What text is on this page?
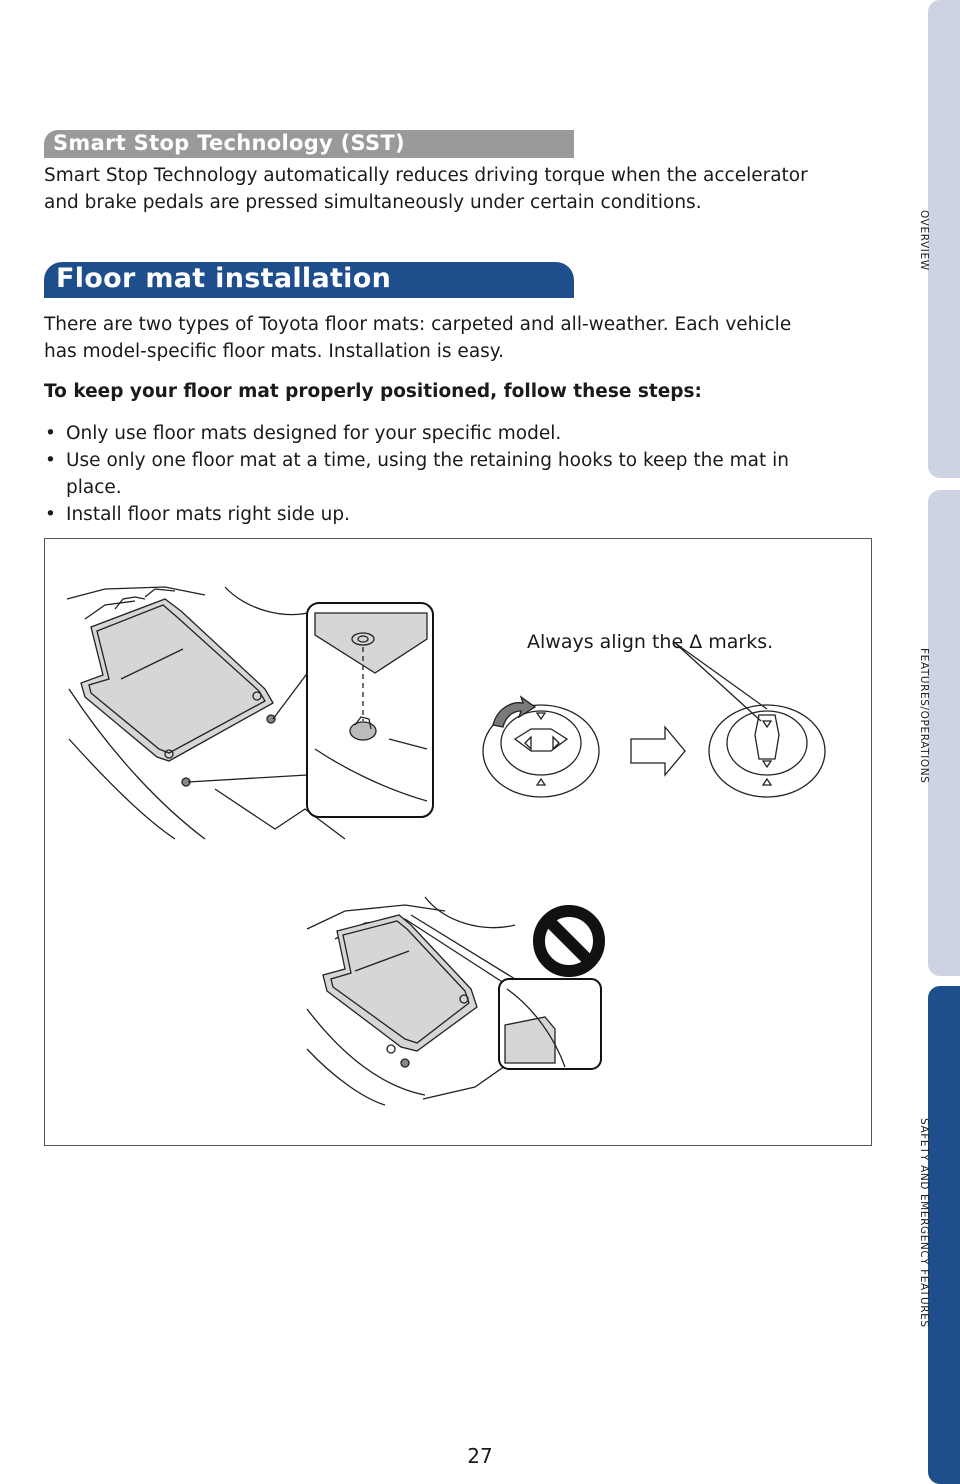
Smart Stop Technology (SST)

Smart Stop Technology automatically reduces driving torque when the accelerator
and brake pedals are pressed simultaneously under certain conditions.

Floor mat installation

There are two types of Toyota floor mats: carpeted and all-weather. Each vehicle
has model-specific floor mats. Installation is easy.

To keep your floor mat properly positioned, follow these steps:

• Only use floor mats designed for your specific model.
• Use only one floor mat at a time, using the retaining hooks to keep the mat in
place.
• Install floor mats right side up.
Always align the Δ marks.
OVERVIEW
FEATURES/OPERATIONS
SAFETY AND EMERGENCY FEATURES
27
